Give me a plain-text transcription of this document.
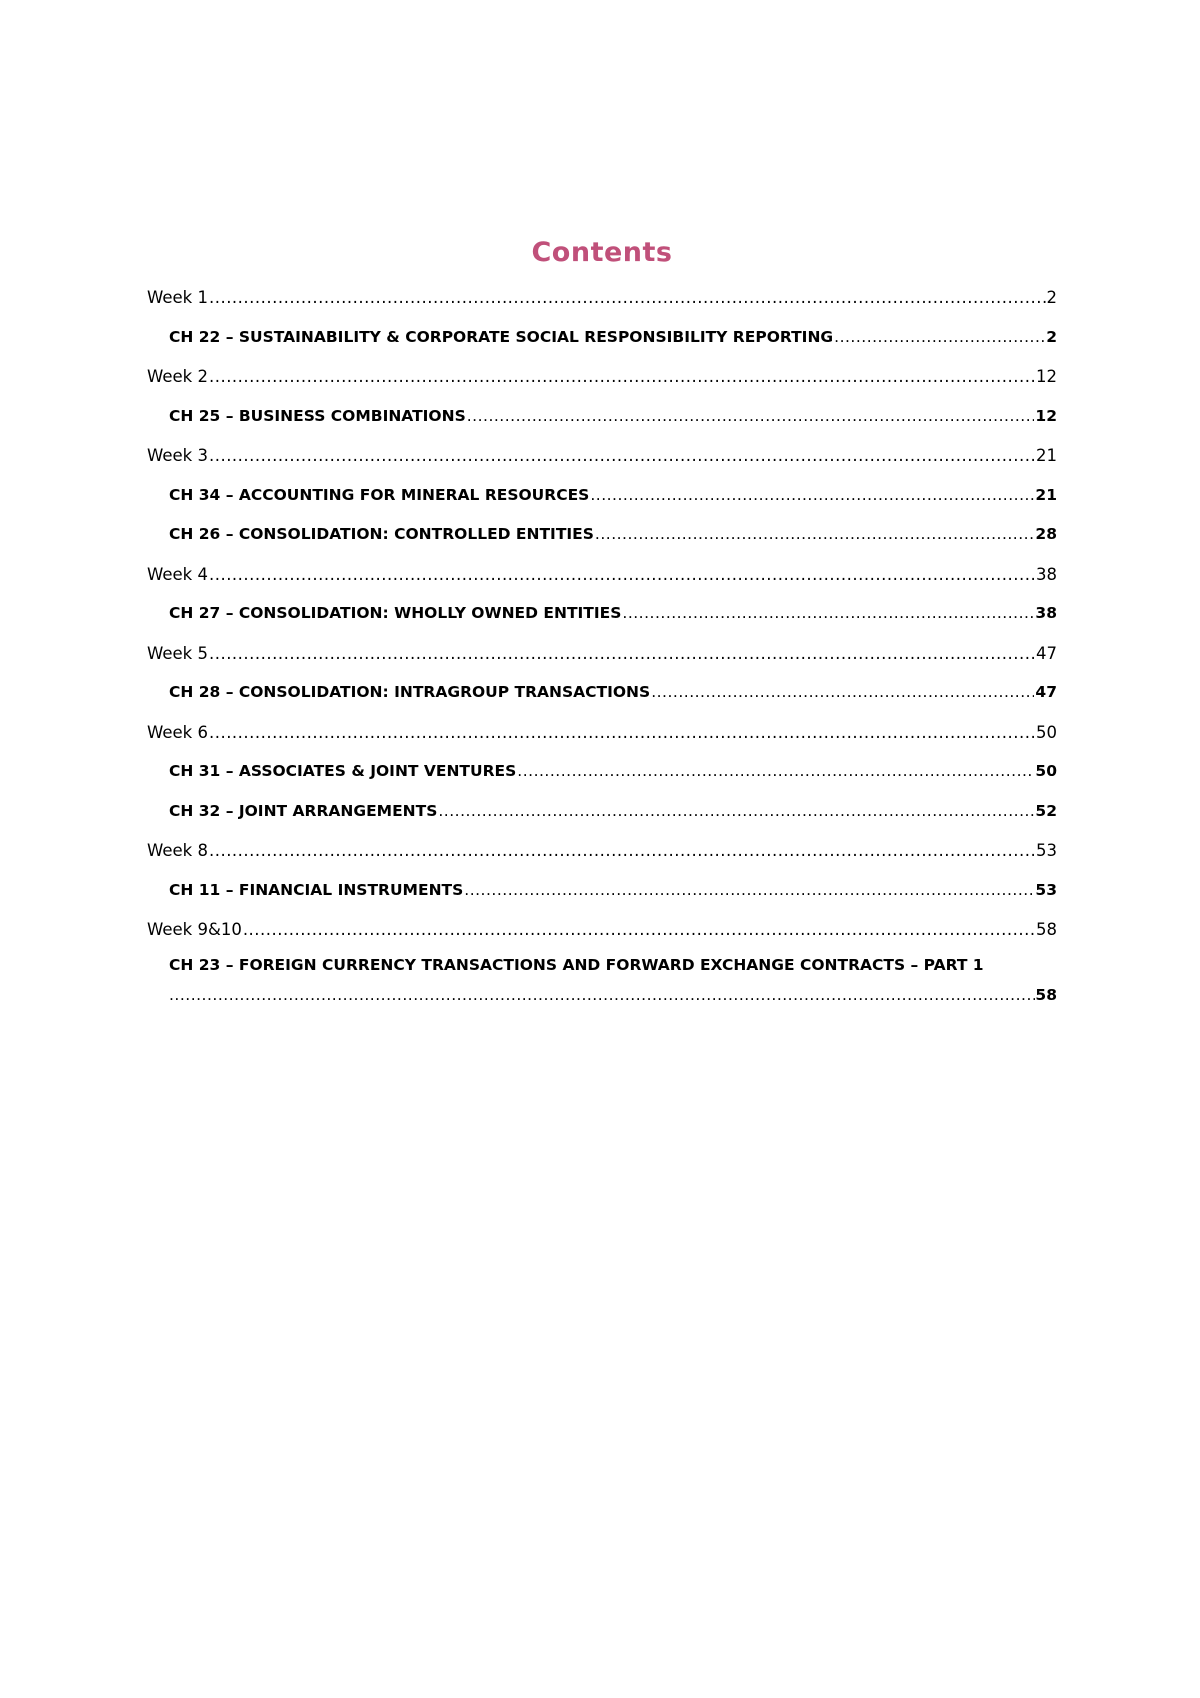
Contents
Week 1 .....	2
CH 22 – SUSTAINABILITY & CORPORATE SOCIAL RESPONSIBILITY REPORTING .....	2
Week 2 .....	12
CH 25 – BUSINESS COMBINATIONS .....	12
Week 3 .....	21
CH 34 – ACCOUNTING FOR MINERAL RESOURCES .....	21
CH 26 – CONSOLIDATION: CONTROLLED ENTITIES .....	28
Week 4 .....	38
CH 27 – CONSOLIDATION: WHOLLY OWNED ENTITIES .....	38
Week 5 .....	47
CH 28 – CONSOLIDATION: INTRAGROUP TRANSACTIONS .....	47
Week 6 .....	50
CH 31 – ASSOCIATES & JOINT VENTURES .....	50
CH 32 – JOINT ARRANGEMENTS .....	52
Week 8 .....	53
CH 11 – FINANCIAL INSTRUMENTS .....	53
Week 9&10 .....	58
CH 23 – FOREIGN CURRENCY TRANSACTIONS AND FORWARD EXCHANGE CONTRACTS – PART 1
.....
58
